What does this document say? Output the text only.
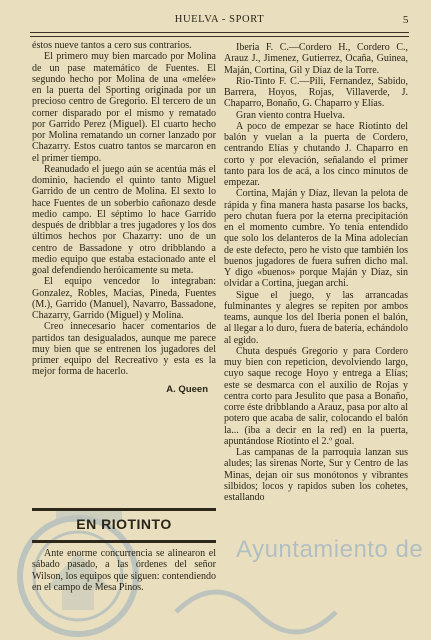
HUELVA - SPORT	5
Ayuntamiento de

éstos nueve tantos a cero sus contrarios.

El primero muy bien marcado por Molina de un pase matemático de Fuentes. El segundo hecho por Molina de una «melée» en la puerta del Sporting originada por un precioso centro de Gregorio. El tercero de un corner disparado por el mismo y rematado por Garrido Perez (Miguel). El cuarto hecho por Molina rematando un corner lanzado por Chazarry. Estos cuatro tantos se marcaron en el primer tiempo.

Reanudado el juego aún se acentúa más el dominio, haciendo el quinto tanto Miguel Garrido de un centro de Molina. El sexto lo hace Fuentes de un soberbio cañonazo desde medio campo. El séptimo lo hace Garrido después de dribblar a tres jugadores y los dos últimos hechos por Chazarry: uno de un centro de Bassadone y otro dribblando a medio equipo que estaba estacionado ante el goal defendiendo heróicamente su meta.

El equipo vencedor lo integraban: Gonzalez, Robles, Macias, Pineda, Fuentes (M.), Garrido (Manuel), Navarro, Bassadone, Chazarry, Garrido (Miguel) y Molina.

Creo innecesario hacer comentarios de partidos tan desigualados, aunque me parece muy bien que se entrenen los jugadores del primer equipo del Recreativo y esta es la mejor forma de hacerlo.

A. Queen
EN RIOTINTO

Ante enorme concurrencia se alinearon el sábado pasado, a las órdenes del señor Wilson, los equipos que siguen: contendiendo en el campo de Mesa Pinos.

Iberia F. C.—Cordero H., Cordero C., Arauz J., Jimenez, Gutierrez, Ocaña, Guinea, Maján, Cortina, Gil y Díaz de la Torre.

Rio-Tinto F. C.—Pili, Fernandez, Sabido, Barrera, Hoyos, Rojas, Villaverde, J. Chaparro, Bonaño, G. Chaparro y Elías.

Gran viento contra Huelva.

A poco de empezar se hace Riotinto del balón y vuelan a la puerta de Cordero, centrando Elías y chutando J. Chaparro en corto y por elevación, señalando el primer tanto para los de acá, a los cinco minutos de empezar.

Cortina, Maján y Díaz, llevan la pelota de rápida y fina manera hasta pasarse los backs, pero chutan fuera por la eterna precipitación en el momento cumbre. Yo tenía entendido que solo los delanteros de la Mina adolecían de este defecto, pero he visto que también los buenos jugadores de fuera sufren dicho mal. Y digo «buenos» porque Maján y Díaz, sin olvidar a Cortina, juegan archi.

Sigue el juego, y las arrancadas fulminantes y alegres se repiten por ambos teams, aunque los del Iberia ponen el balón, al llegar a lo duro, fuera de batería, echándolo al egido.

Chuta después Gregorio y para Cordero muy bien con repeticion, devolviendo largo, cuyo saque recoge Hoyo y entrega a Elías; este se desmarca con el auxilio de Rojas y centra corto para Jesulito que pasa a Bonaño, corre éste dribblando a Arauz, pasa por alto al potero que acaba de salir, colocando el balón la... (iba a decir en la red) en la puerta, apuntándose Riotinto el 2.º goal.

Las campanas de la parroquia lanzan sus aludes; las sirenas Norte, Sur y Centro de las Minas, dejan oir sus monótonos y vibrantes silbidos; locos y rapidos suben los cohetes, estallando
